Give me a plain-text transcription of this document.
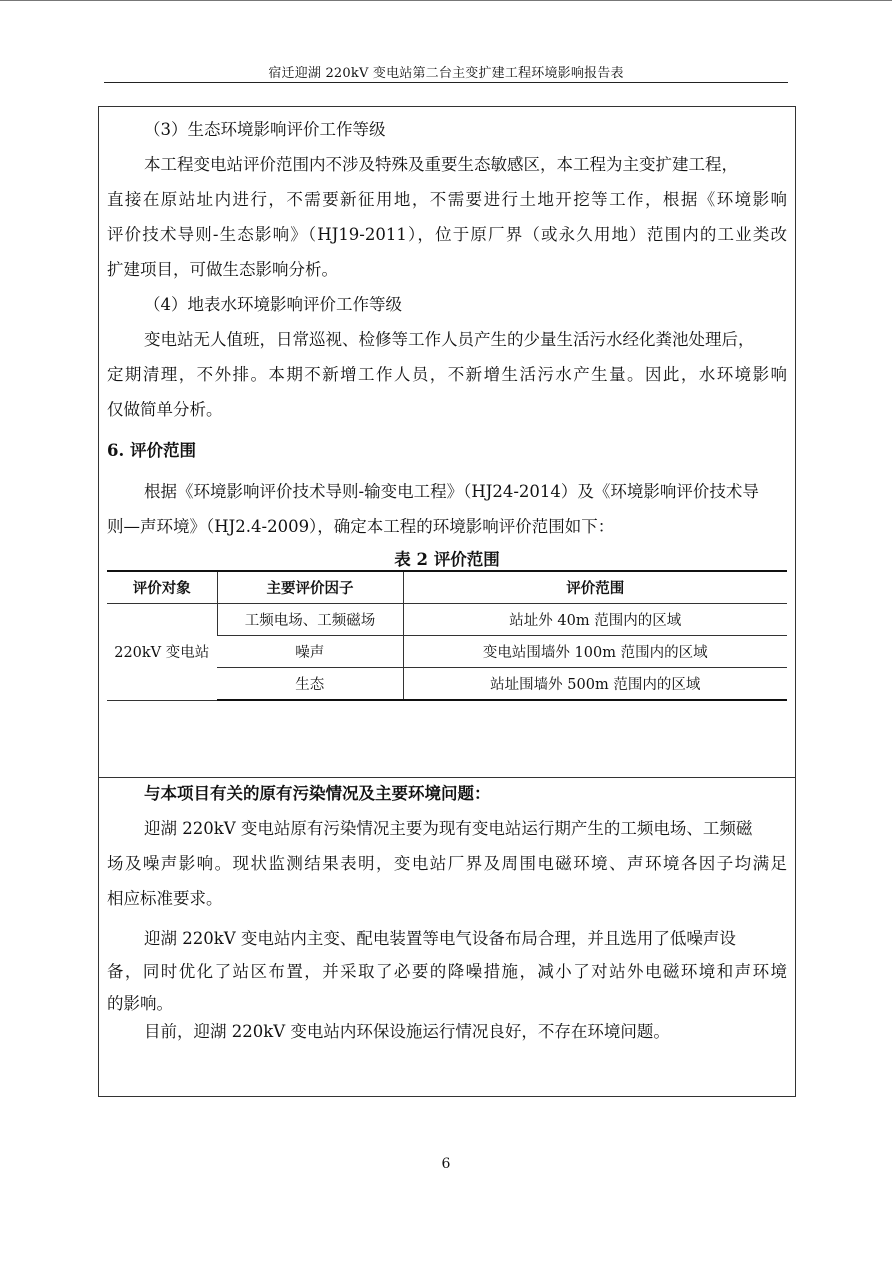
宿迁迎湖 220kV 变电站第二台主变扩建工程环境影响报告表
（3）生态环境影响评价工作等级
本工程变电站评价范围内不涉及特殊及重要生态敏感区，本工程为主变扩建工程，
直接在原站址内进行，不需要新征用地，不需要进行土地开挖等工作，根据《环境影响
评价技术导则-生态影响》（HJ19-2011），位于原厂界（或永久用地）范围内的工业类改
扩建项目，可做生态影响分析。
（4）地表水环境影响评价工作等级
变电站无人值班，日常巡视、检修等工作人员产生的少量生活污水经化粪池处理后，
定期清理，不外排。本期不新增工作人员，不新增生活污水产生量。因此，水环境影响
仅做简单分析。
6. 评价范围
根据《环境影响评价技术导则-输变电工程》（HJ24-2014）及《环境影响评价技术导
则—声环境》（HJ2.4-2009），确定本工程的环境影响评价范围如下：
表 2 评价范围
评价对象	主要评价因子	评价范围
220kV 变电站	工频电场、工频磁场	站址外 40m 范围内的区域
	噪声	变电站围墙外 100m 范围内的区域
	生态	站址围墙外 500m 范围内的区域
与本项目有关的原有污染情况及主要环境问题：
迎湖 220kV 变电站原有污染情况主要为现有变电站运行期产生的工频电场、工频磁
场及噪声影响。现状监测结果表明，变电站厂界及周围电磁环境、声环境各因子均满足
相应标准要求。
迎湖 220kV 变电站内主变、配电装置等电气设备布局合理，并且选用了低噪声设
备，同时优化了站区布置，并采取了必要的降噪措施，减小了对站外电磁环境和声环境
的影响。
目前，迎湖 220kV 变电站内环保设施运行情况良好，不存在环境问题。
6
